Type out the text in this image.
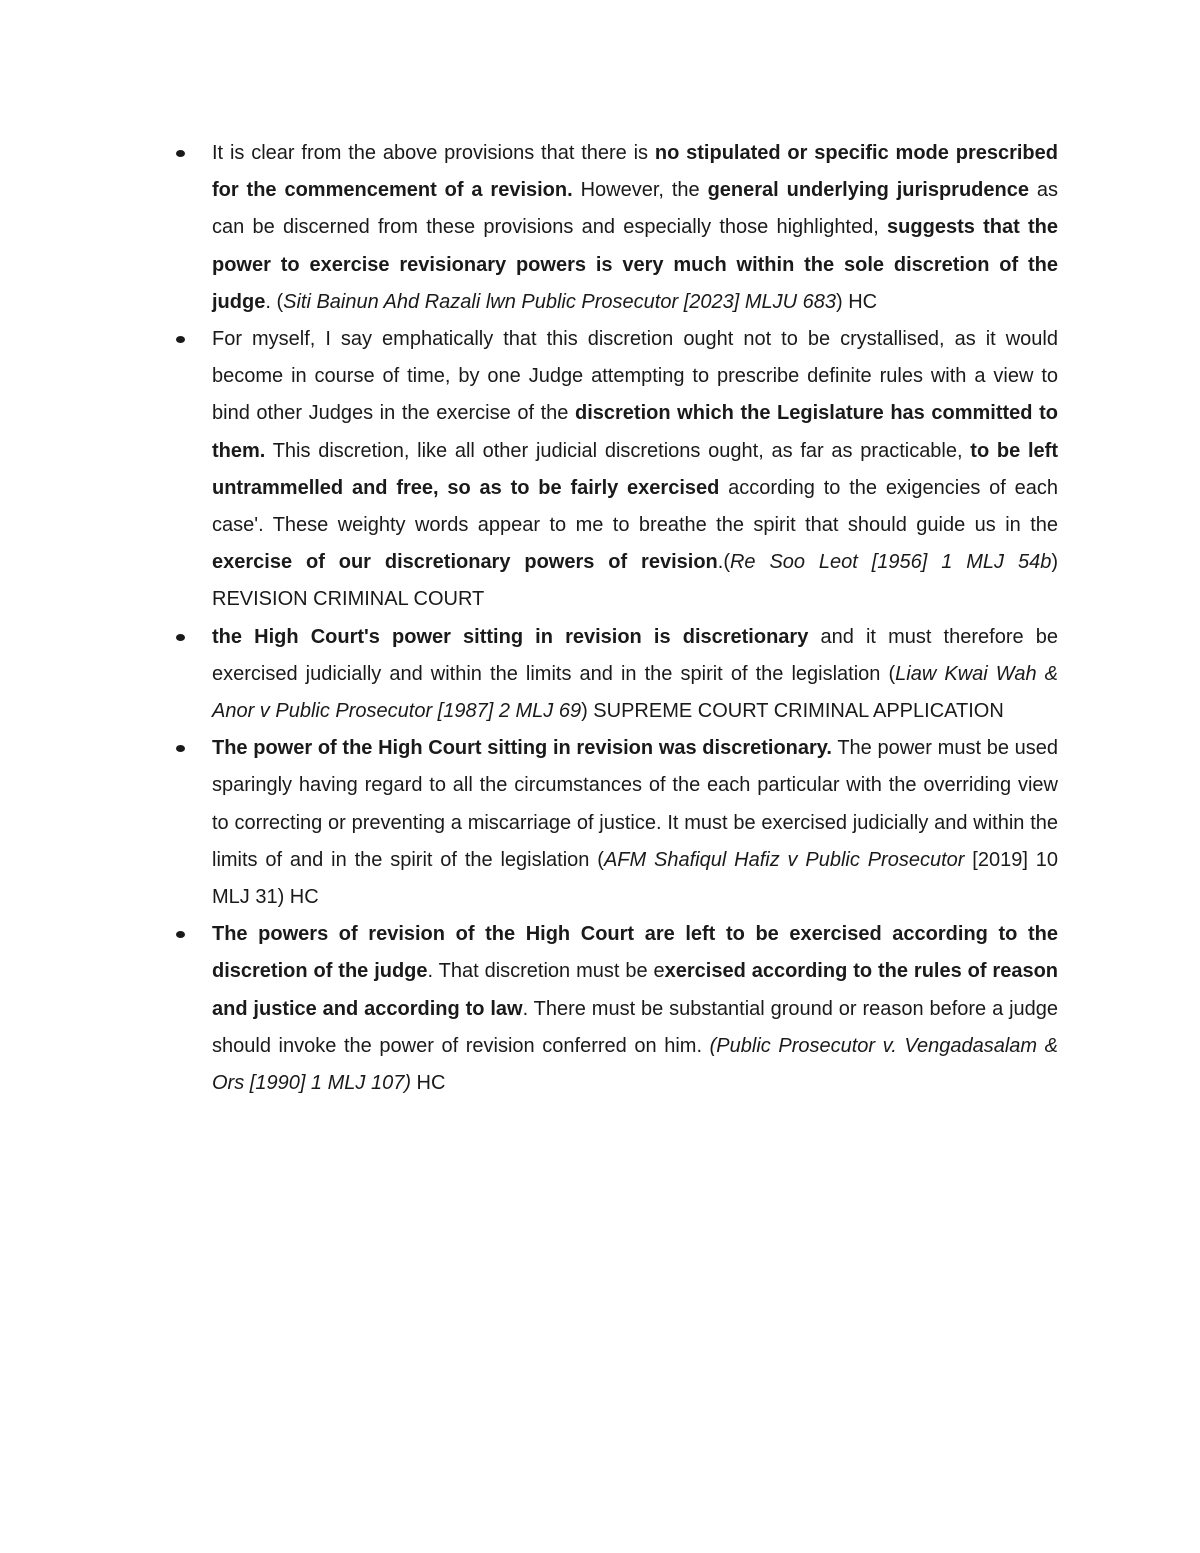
It is clear from the above provisions that there is no stipulated or specific mode prescribed for the commencement of a revision. However, the general underlying jurisprudence as can be discerned from these provisions and especially those highlighted, suggests that the power to exercise revisionary powers is very much within the sole discretion of the judge. (Siti Bainun Ahd Razali lwn Public Prosecutor [2023] MLJU 683) HC
For myself, I say emphatically that this discretion ought not to be crystallised, as it would become in course of time, by one Judge attempting to prescribe definite rules with a view to bind other Judges in the exercise of the discretion which the Legislature has committed to them. This discretion, like all other judicial discretions ought, as far as practicable, to be left untrammelled and free, so as to be fairly exercised according to the exigencies of each case'. These weighty words appear to me to breathe the spirit that should guide us in the exercise of our discretionary powers of revision.(Re Soo Leot [1956] 1 MLJ 54b) REVISION CRIMINAL COURT
the High Court's power sitting in revision is discretionary and it must therefore be exercised judicially and within the limits and in the spirit of the legislation (Liaw Kwai Wah & Anor v Public Prosecutor [1987] 2 MLJ 69) SUPREME COURT CRIMINAL APPLICATION
The power of the High Court sitting in revision was discretionary. The power must be used sparingly having regard to all the circumstances of the each particular with the overriding view to correcting or preventing a miscarriage of justice. It must be exercised judicially and within the limits of and in the spirit of the legislation (AFM Shafiqul Hafiz v Public Prosecutor [2019] 10 MLJ 31) HC
The powers of revision of the High Court are left to be exercised according to the discretion of the judge. That discretion must be exercised according to the rules of reason and justice and according to law. There must be substantial ground or reason before a judge should invoke the power of revision conferred on him. (Public Prosecutor v. Vengadasalam & Ors [1990] 1 MLJ 107) HC
